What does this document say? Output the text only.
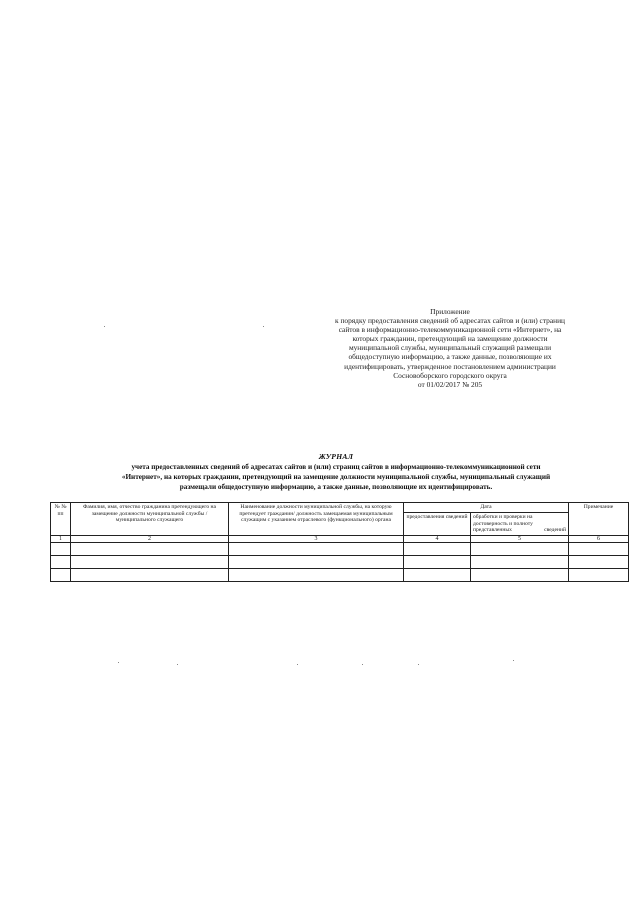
Приложение
к порядку предоставления сведений об адресатах сайтов и (или) страниц
сайтов в информационно-телекоммуникационной сети «Интернет», на
которых гражданин, претендующий на замещение должности
муниципальной службы, муниципальный служащий размещали
общедоступную информацию, а также данные, позволяющие их
идентифицировать, утвержденное постановлением администрации
Сосновоборского городского округа
от 01/02/2017 № 205
ЖУРНАЛ
учета предоставленных сведений об адресатах сайтов и (или) страниц сайтов в информационно-телекоммуникационной сети
«Интернет», на которых гражданин, претендующий на замещение должности муниципальной службы, муниципальный служащий
размещали общедоступную информацию, а также данные, позволяющие их идентифицировать.
№ № пп	Фамилия, имя, отчество гражданина претендующего на замещение должности муниципальной службы /муниципального служащего	Наименование должности муниципальной службы, на которую претендует гражданин/ должность замещаемая муниципальным служащим с указанием отраслевого (функционального) органа	Дата		Примечание
			предоставления сведений	обработки и проверки на достоверность и полноту представленных сведений	
1	2	3	4	5	6
